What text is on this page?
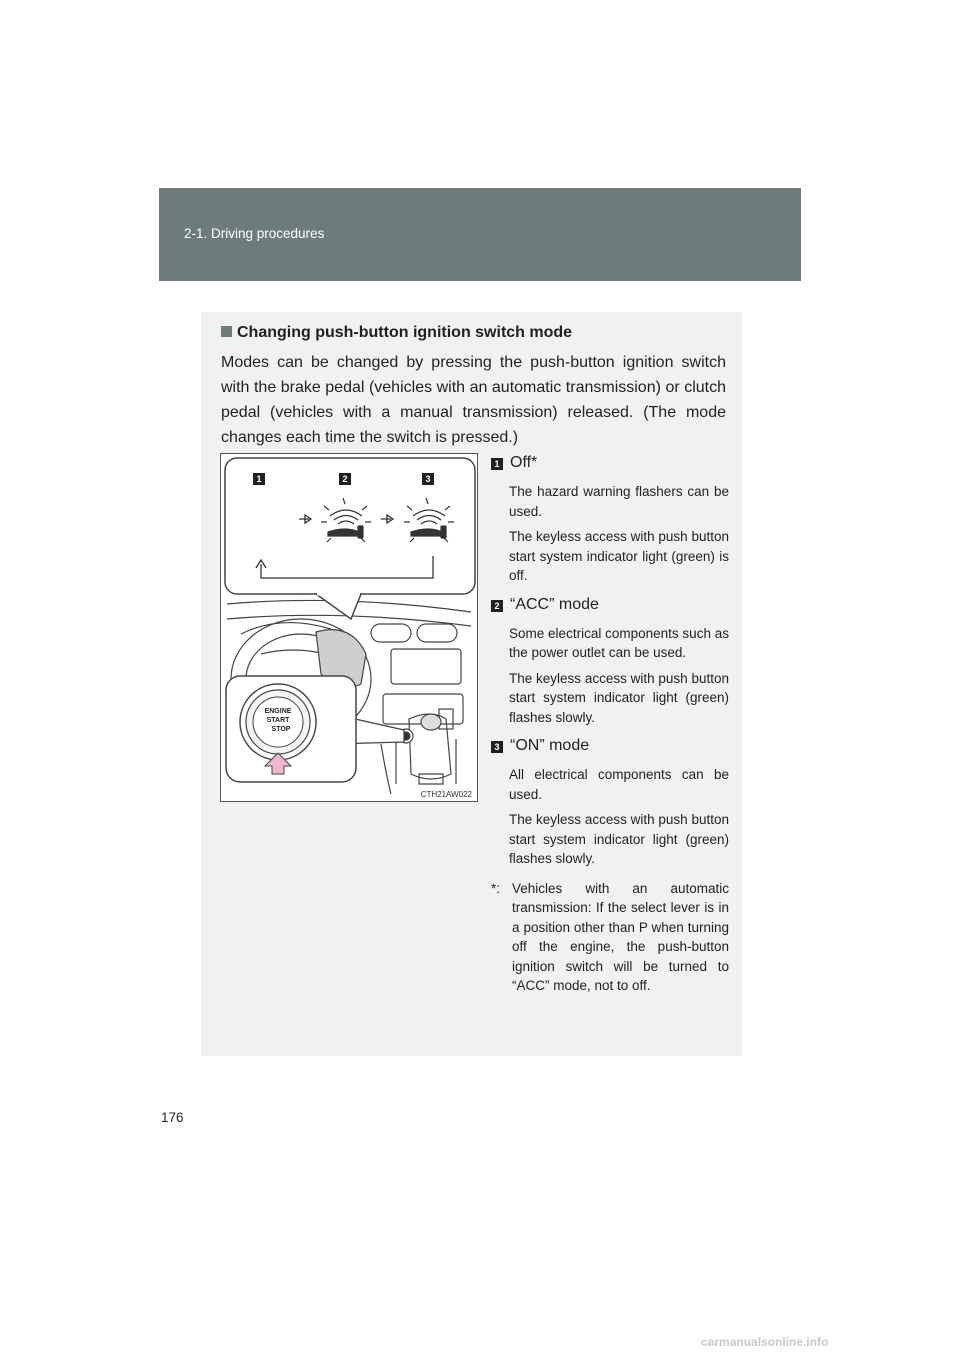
2-1. Driving procedures
Changing push-button ignition switch mode
Modes can be changed by pressing the push-button ignition switch with the brake pedal (vehicles with an automatic transmission) or clutch pedal (vehicles with a manual transmission) released. (The mode changes each time the switch is pressed.)
1	2	3
ENGINE
START
STOP
CTH21AW022
1 Off*

The hazard warning flashers can be used.

The keyless access with push button start system indicator light (green) is off.

2 “ACC” mode

Some electrical components such as the power outlet can be used.

The keyless access with push button start system indicator light (green) flashes slowly.

3 “ON” mode

All electrical components can be used.

The keyless access with push button start system indicator light (green) flashes slowly.

*: Vehicles with an automatic transmission: If the select lever is in a position other than P when turning off the engine, the push-button ignition switch will be turned to “ACC” mode, not to off.
176
carmanualsonline.info
